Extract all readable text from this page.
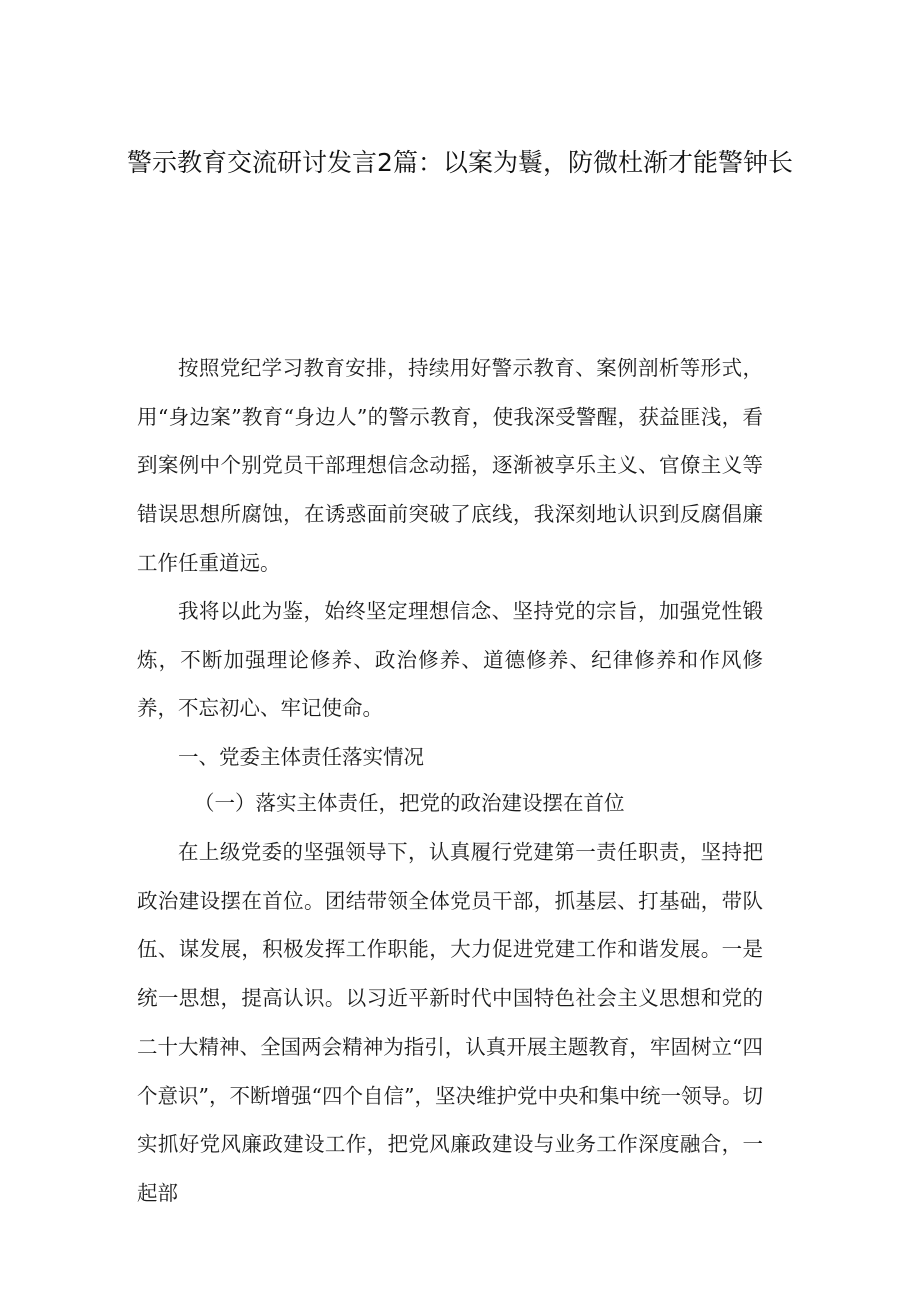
警示教育交流研讨发言2篇：以案为鬟，防微杜渐才能警钟长

按照党纪学习教育安排，持续用好警示教育、案例剖析等形式，用“身边案”教育“身边人”的警示教育，使我深受警醒，获益匪浅，看到案例中个别党员干部理想信念动摇，逐渐被享乐主义、官僚主义等错误思想所腐蚀，在诱惑面前突破了底线，我深刻地认识到反腐倡廉工作任重道远。

我将以此为鉴，始终坚定理想信念、坚持党的宗旨，加强党性锻炼，不断加强理论修养、政治修养、道德修养、纪律修养和作风修养，不忘初心、牢记使命。

一、党委主体责任落实情况

（一）落实主体责任，把党的政治建设摆在首位

在上级党委的坚强领导下，认真履行党建第一责任职责，坚持把政治建设摆在首位。团结带领全体党员干部，抓基层、打基础，带队伍、谋发展，积极发挥工作职能，大力促进党建工作和谐发展。一是统一思想，提高认识。以习近平新时代中国特色社会主义思想和党的二十大精神、全国两会精神为指引，认真开展主题教育，牢固树立“四个意识”，不断增强“四个自信”，坚决维护党中央和集中统一领导。切实抓好党风廉政建设工作，把党风廉政建设与业务工作深度融合，一起部
